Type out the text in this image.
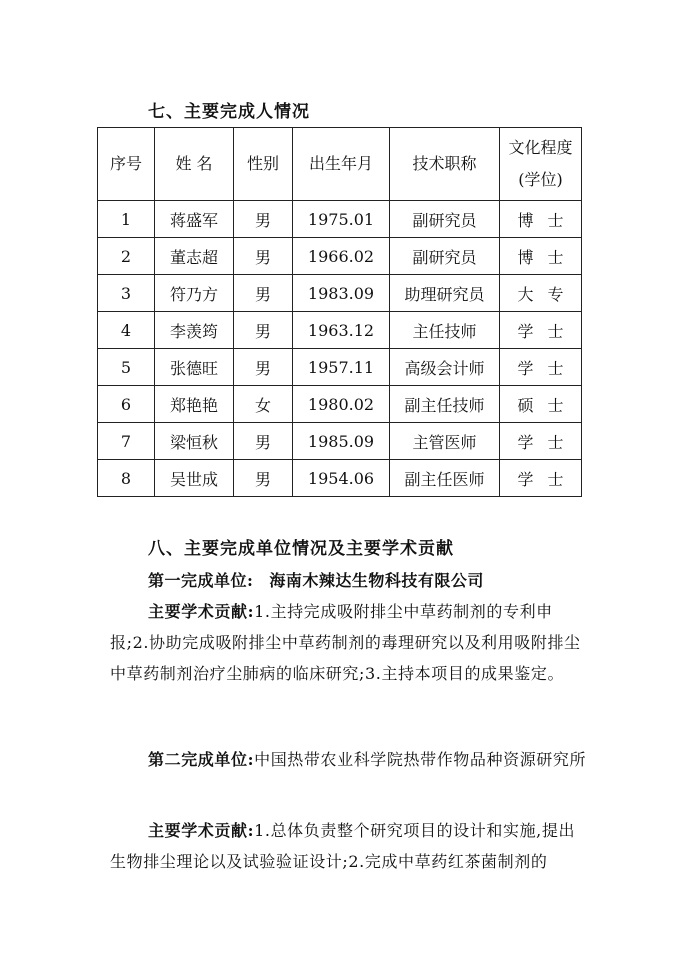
七、主要完成人情况
序号	姓 名	性别	出生年月	技术职称	文化程度
(学位)

1	蒋盛军	男	1975.01	副研究员	博士
2	董志超	男	1966.02	副研究员	博士
3	符乃方	男	1983.09	助理研究员	大专
4	李羡筠	男	1963.12	主任技师	学士
5	张德旺	男	1957.11	高级会计师	学士
6	郑艳艳	女	1980.02	副主任技师	硕士
7	梁恒秋	男	1985.09	主管医师	学士
8	吴世成	男	1954.06	副主任医师	学士
八、主要完成单位情况及主要学术贡献
第一完成单位: 海南木辣达生物科技有限公司

主要学术贡献:1.主持完成吸附排尘中草药制剂的专利申报;2.协助完成吸附排尘中草药制剂的毒理研究以及利用吸附排尘中草药制剂治疗尘肺病的临床研究;3.主持本项目的成果鉴定。

第二完成单位:中国热带农业科学院热带作物品种资源研究所

主要学术贡献:1.总体负责整个研究项目的设计和实施,提出生物排尘理论以及试验验证设计;2.完成中草药红茶菌制剂的
